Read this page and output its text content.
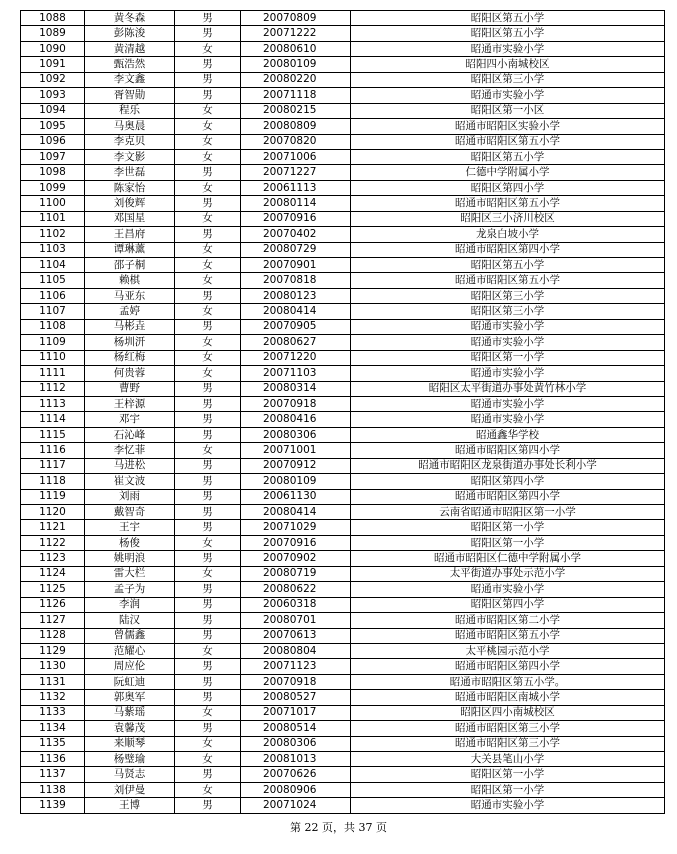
1088	黄冬森	男	20070809	昭阳区第五小学
1089	彭陈浚	男	20071222	昭阳区第五小学
1090	黄清越	女	20080610	昭通市实验小学
1091	甄浩然	男	20080109	昭阳四小南城校区
1092	李文鑫	男	20080220	昭阳区第三小学
1093	胥智勋	男	20071118	昭通市实验小学
1094	程乐	女	20080215	昭阳区第一小区
1095	马奥晨	女	20080809	昭通市昭阳区实验小学
1096	李克贝	女	20070820	昭通市昭阳区第五小学
1097	李文影	女	20071006	昭阳区第五小学
1098	李世磊	男	20071227	仁德中学附属小学
1099	陈家怡	女	20061113	昭阳区第四小学
1100	刘俊辉	男	20080114	昭通市昭阳区第五小学
1101	邓国星	女	20070916	昭阳区三小济川校区
1102	王昌府	男	20070402	龙泉白坡小学
1103	谭琳薰	女	20080729	昭通市昭阳区第四小学
1104	邵子桐	女	20070901	昭阳区第五小学
1105	赖棋	女	20070818	昭通市昭阳区第五小学
1106	马亚东	男	20080123	昭阳区第三小学
1107	孟婷	女	20080414	昭阳区第三小学
1108	马彬垚	男	20070905	昭通市实验小学
1109	杨圳汧	女	20080627	昭通市实验小学
1110	杨红梅	女	20071220	昭阳区第一小学
1111	何贵蓉	女	20071103	昭通市实验小学
1112	曹野	男	20080314	昭阳区太平街道办事处黄竹林小学
1113	王梓源	男	20070918	昭通市实验小学
1114	邓宇	男	20080416	昭通市实验小学
1115	石沁峰	男	20080306	昭通鑫华学校
1116	李忆菲	女	20071001	昭通市昭阳区第四小学
1117	马进松	男	20070912	昭通市昭阳区龙泉街道办事处长利小学
1118	崔文波	男	20080109	昭阳区第四小学
1119	刘雨	男	20061130	昭通市昭阳区第四小学
1120	戴智奇	男	20080414	云南省昭通市昭阳区第一小学
1121	王宇	男	20071029	昭阳区第一小学
1122	杨俊	女	20070916	昭阳区第一小学
1123	姚明浪	男	20070902	昭通市昭阳区仁德中学附属小学
1124	雷大栏	女	20080719	太平街道办事处示范小学
1125	孟子为	男	20080622	昭通市实验小学
1126	李润	男	20060318	昭阳区第四小学
1127	陆汉	男	20080701	昭通市昭阳区第二小学
1128	曾儒鑫	男	20070613	昭通市昭阳区第五小学
1129	范耀心	女	20080804	太平桃园示范小学
1130	周应伦	男	20071123	昭通市昭阳区第四小学
1131	阮虹迪	男	20070918	昭通市昭阳区第五小学。
1132	郭奥军	男	20080527	昭通市昭阳区南城小学
1133	马紫瑶	女	20071017	昭阳区四小南城校区
1134	袁馨茂	男	20080514	昭通市昭阳区第三小学
1135	来顺琴	女	20080306	昭通市昭阳区第三小学
1136	杨璧瑜	女	20081013	大关县笔山小学
1137	马贤志	男	20070626	昭阳区第一小学
1138	刘伊曼	女	20080906	昭阳区第一小学
1139	王博	男	20071024	昭通市实验小学
第 22 页，共 37 页
